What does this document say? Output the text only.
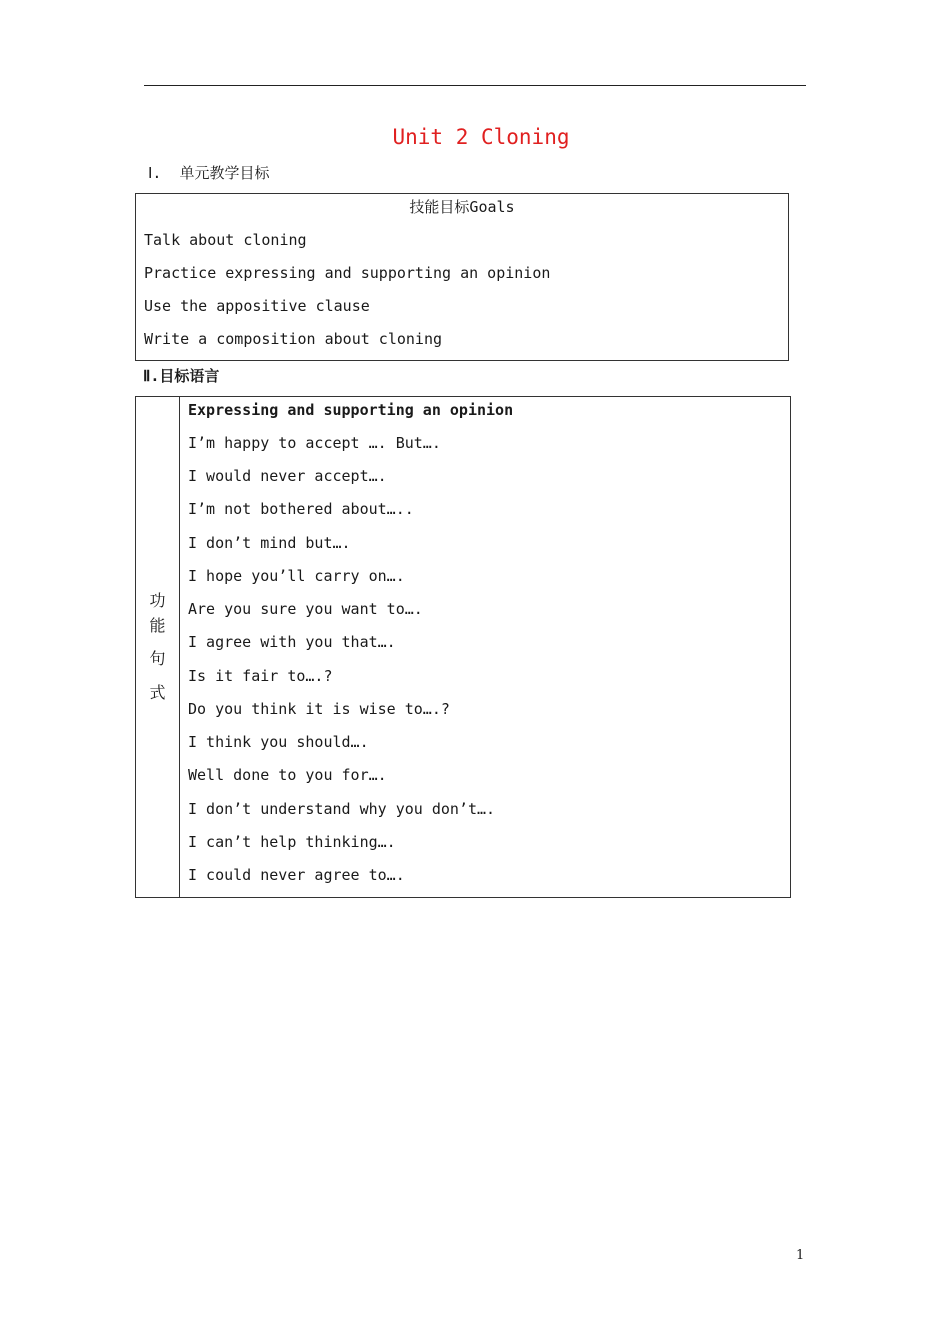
Unit 2 Cloning
Ⅰ.  单元教学目标
技能目标Goals
Talk about cloning
Practice expressing and supporting an opinion
Use the appositive clause
Write a composition about cloning
Ⅱ.目标语言
功
能
句
式
Expressing and supporting an opinion
I’m happy to accept …. But….
I would never accept….
I’m not bothered about…..
I don’t mind but….
I hope you’ll carry on….
Are you sure you want to….
I agree with you that….
Is it fair to….?
Do you think it is wise to….?
I think you should….
Well done to you for….
I don’t understand why you don’t….
I can’t help thinking….
I could never agree to….
1
